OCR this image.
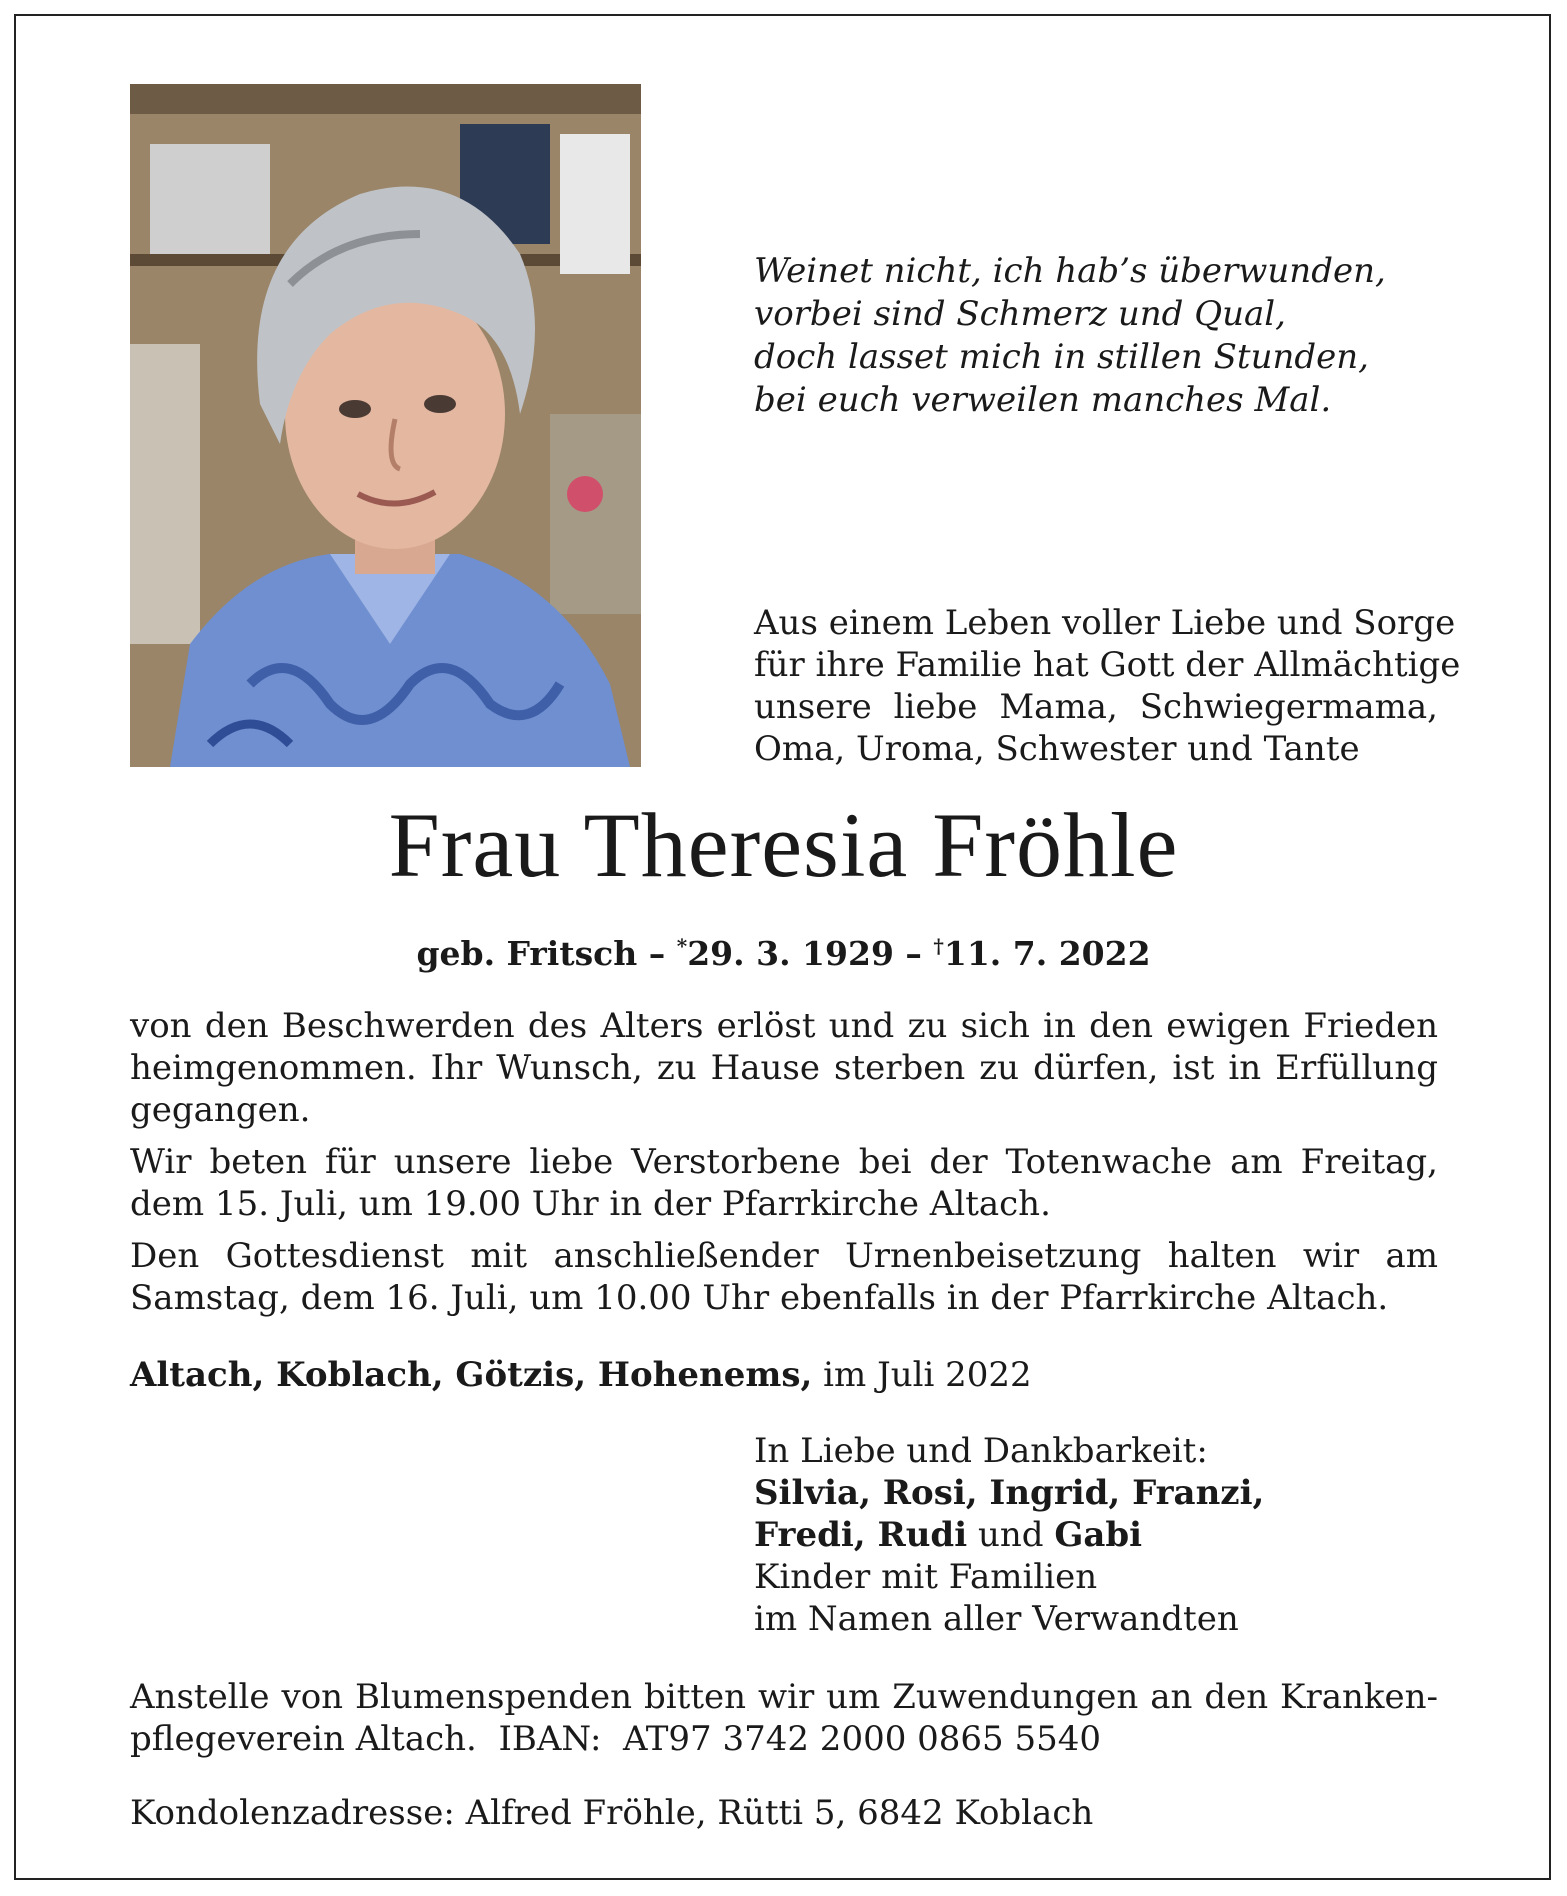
Weinet nicht, ich hab’s überwunden,
vorbei sind Schmerz und Qual,
doch lasset mich in stillen Stunden,
bei euch verweilen manches Mal.
Aus einem Leben voller Liebe und Sorge
für ihre Familie hat Gott der Allmächtige
unsere liebe Mama, Schwiegermama,
Oma, Uroma, Schwester und Tante
Frau Theresia Fröhle
geb. Fritsch – *29. 3. 1929 – †11. 7. 2022

von den Beschwerden des Alters erlöst und zu sich in den ewigen Frieden heimgenommen. Ihr Wunsch, zu Hause sterben zu dürfen, ist in Erfüllung gegangen.

Wir beten für unsere liebe Verstorbene bei der Totenwache am Freitag, dem 15. Juli, um 19.00 Uhr in der Pfarrkirche Altach.

Den Gottesdienst mit anschließender Urnenbeisetzung halten wir am Samstag, dem 16. Juli, um 10.00 Uhr ebenfalls in der Pfarrkirche Altach.

Altach, Koblach, Götzis, Hohenems, im Juli 2022
In Liebe und Dankbarkeit:
Silvia, Rosi, Ingrid, Franzi,
Fredi, Rudi und Gabi
Kinder mit Familien
im Namen aller Verwandten
Anstelle von Blumenspenden bitten wir um Zuwendungen an den Kranken-
pflegeverein Altach.  IBAN:  AT97 3742 2000 0865 5540
Kondolenzadresse: Alfred Fröhle, Rütti 5, 6842 Koblach
